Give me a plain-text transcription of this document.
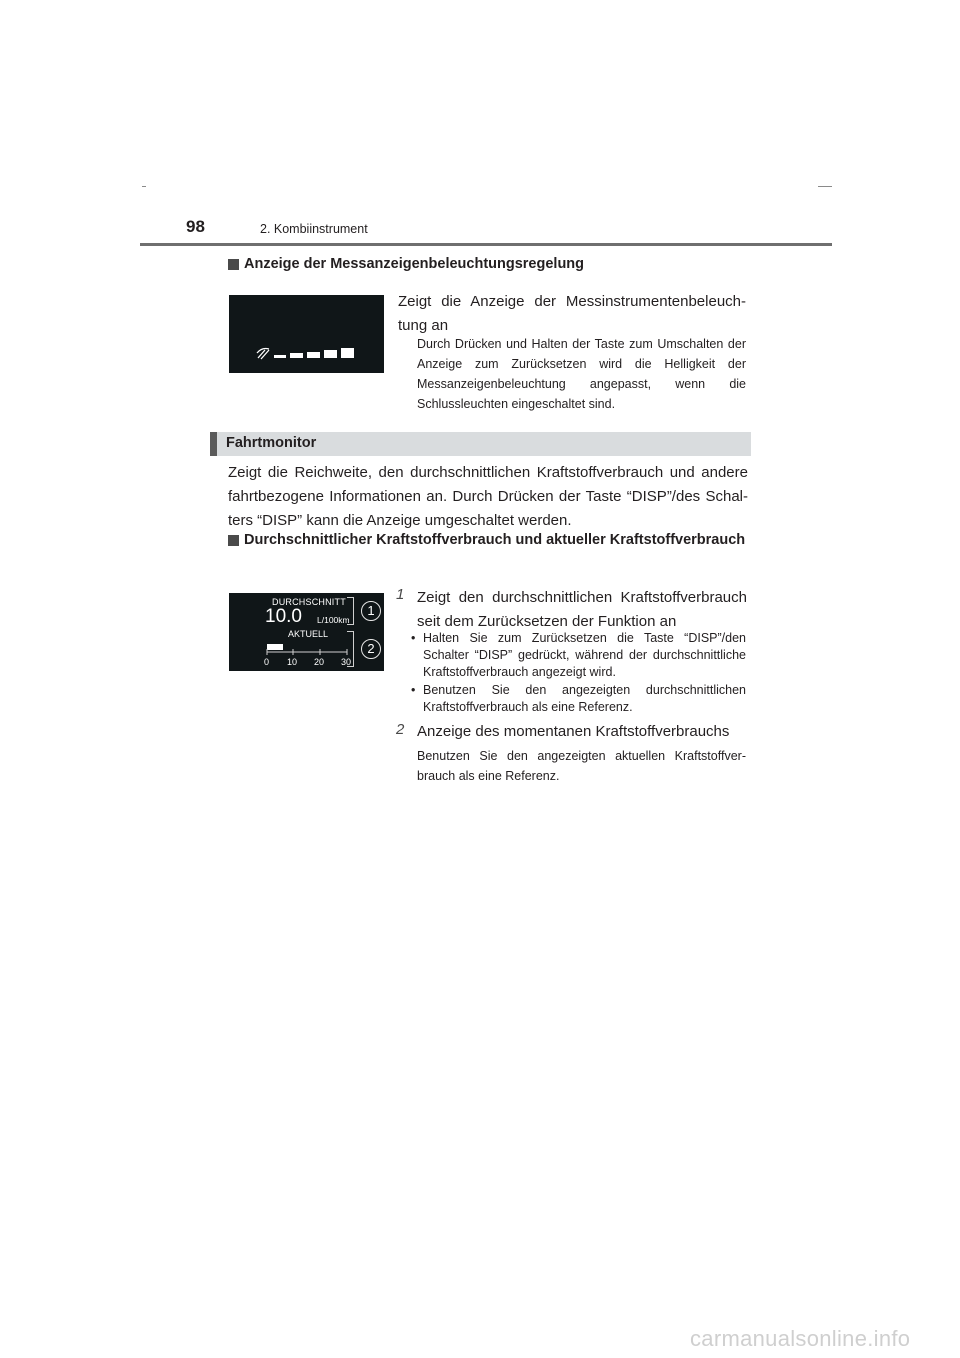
98	2. Kombiinstrument
Anzeige der Messanzeigenbeleuchtungsregelung
Zeigt die Anzeige der Messinstrumentenbeleuchtung an
Durch Drücken und Halten der Taste zum Umschalten der Anzeige zum Zurücksetzen wird die Helligkeit der Messanzeigenbeleuchtung angepasst, wenn die Schlussleuchten eingeschaltet sind.
Fahrtmonitor
Zeigt die Reichweite, den durchschnittlichen Kraftstoffverbrauch und andere fahrtbezogene Informationen an. Durch Drücken der Taste “DISP”/des Schalters “DISP” kann die Anzeige umgeschaltet werden.
Durchschnittlicher Kraftstoffverbrauch und aktueller Kraftstoffverbrauch
DURCHSCHNITT
10.0 L/100km
AKTUELL
0 10 20 30
1
2
1 Zeigt den durchschnittlichen Kraftstoffverbrauch seit dem Zurücksetzen der Funktion an
• Halten Sie zum Zurücksetzen die Taste “DISP”/den Schalter “DISP” gedrückt, während der durchschnittliche Kraftstoffverbrauch angezeigt wird.
• Benutzen Sie den angezeigten durchschnittlichen Kraftstoffverbrauch als eine Referenz.
2 Anzeige des momentanen Kraftstoffverbrauchs
Benutzen Sie den angezeigten aktuellen Kraftstoffverbrauch als eine Referenz.
carmanualsonline.info
